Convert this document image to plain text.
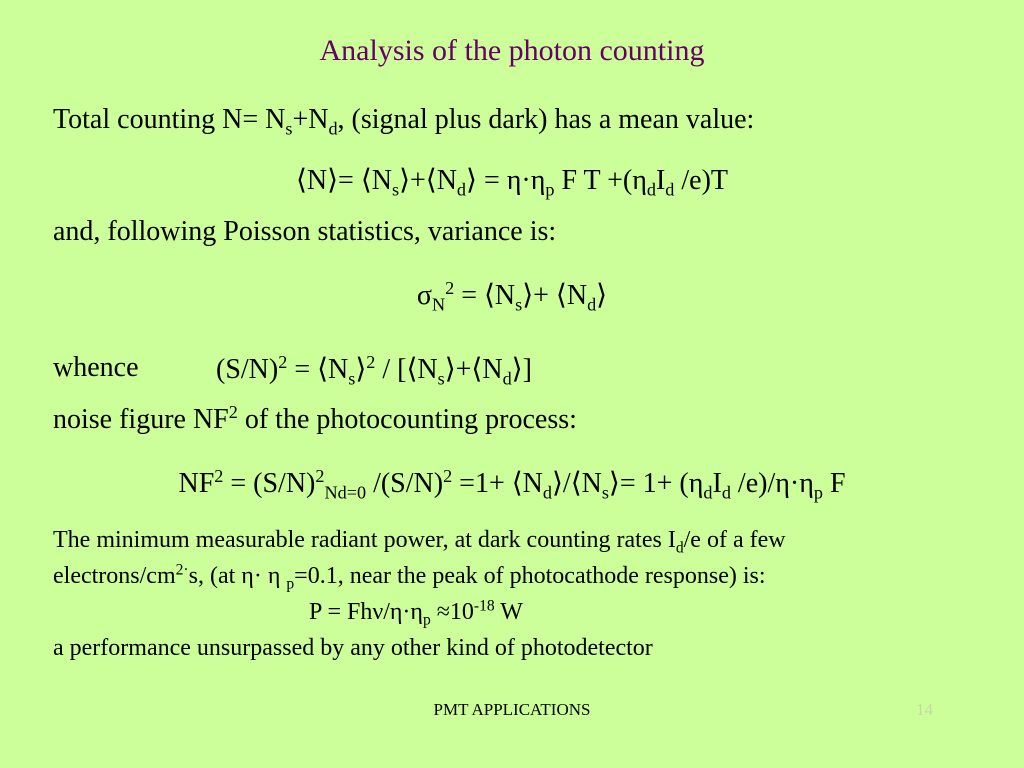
Analysis of the photon counting
Total counting $N= N_s+N_d$, (signal plus dark) has a mean value:
⟨N⟩= $⟨N_s⟩+⟨N_d⟩ = \eta\cdot\eta_p$ F $T +(\eta_dI_d$ /e)T
and, following Poisson statistics, variance is:
$\sigma_N^2$ = $⟨N_s⟩+$ $⟨N_d⟩$
whence	$(S/N)^2$ = $⟨N_s⟩^2$ / $[⟨N_s⟩+⟨N_d⟩]$
noise figure $NF^2$ of the photocounting process:
$NF^2 = (S/N)^2_{Nd=0}$ $/(S/N)^2 =1+$ $⟨N_d⟩/⟨N_s⟩= 1+ (\eta_dI_d$ $/e)/\eta\cdot\eta_p$ F
The minimum measurable radiant power, at dark counting rates $I_d/e$ of a few
electrons/$cm^{2\cdot}s$, (at η· η $_p$=0.1, near the peak of photocathode response) is:
P = Fhν/$\eta\cdot\eta_p \approx 10^{-18}$ W
a performance unsurpassed by any other kind of photodetector
PMT APPLICATIONS	14
